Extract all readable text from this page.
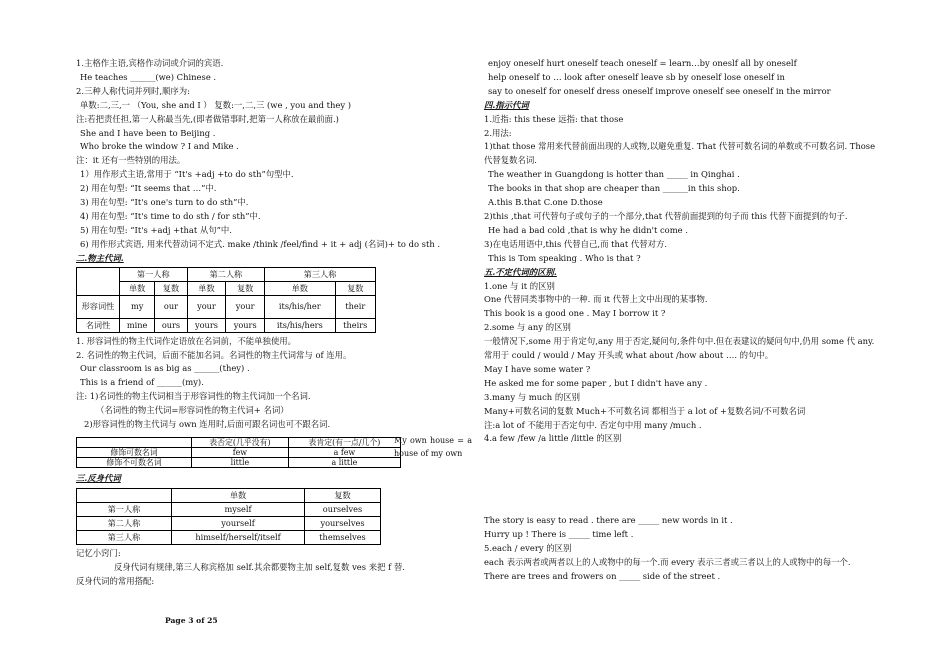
1.主格作主语,宾格作动词或介词的宾语.
He teaches ______(we) Chinese .
2.三种人称代词并列时,顺序为:
单数:二,三,一 （You, she and I ） 复数:一,二,三 (we , you and they )
注:若把责任担,第一人称最当先,(即者做错事时,把第一人称放在最前面.)
She and I have been to Beijing .
Who broke the window ? I and Mike .
注：it 还有一些特别的用法。
1）用作形式主语,常用于 “It's +adj +to do sth”句型中.
2) 用在句型: “It seems that …”中.
3) 用在句型: “It's one's turn to do sth”中.
4) 用在句型: “It's time to do sth / for sth”中.
5) 用在句型: “It's +adj +that 从句”中.
6) 用作形式宾语, 用来代替动词不定式. make /think /feel/find + it + adj (名词)+ to do sth .
二.物主代词.
	第一人称		第二人称		第三人称	
	单数	复数	单数	复数	单数	复数
形容词性	my	our	your	your	its/his/her	their
名词性	mine	ours	yours	yours	its/his/hers	theirs
1. 形容词性的物主代词作定语放在名词前，不能单独使用。
2. 名词性的物主代词，后面不能加名词。名词性的物主代词常与 of 连用。
Our classroom is as big as ______(they) .
This is a friend of ______(my).
注: 1)名词性的物主代词相当于形容词性的物主代词加一个名词.
（名词性的物主代词=形容词性的物主代词+ 名词）
2)形容词性的物主代词与 own 连用时,后面可跟名词也可不跟名词.
	表否定(几乎没有)	表肯定(有一点/几个)
修饰可数名词	few	a few
修饰不可数名词	little	a little
My own house = a house of my own
三.反身代词
	单数	复数
第一人称	myself	ourselves
第二人称	yourself	yourselves
第三人称	himself/herself/itself	themselves
记忆小窍门:
反身代词有规律,第三人称宾格加 self.其余都要物主加 self,复数 ves 来把 f 替.
反身代词的常用搭配:
Page 3 of 25
enjoy oneself hurt oneself teach oneself = learn…by oneslf all by oneself
help oneself to … look after oneself leave sb by oneself lose oneself in
say to oneself for oneself dress oneself improve oneself see oneself in the mirror
四.指示代词
1.近指: this these 远指: that those
2.用法:
1)that those 常用来代替前面出现的人或物,以避免重复. That 代替可数名词的单数或不可数名词. Those 代替复数名词.
The weather in Guangdong is hotter than _____ in Qinghai .
The books in that shop are cheaper than ______in this shop.
A.this B.that C.one D.those
2)this ,that 可代替句子或句子的一个部分,that 代替前面提到的句子而 this 代替下面提到的句子.
He had a bad cold ,that is why he didn't come .
3)在电话用语中,this 代替自己,而 that 代替对方.
This is Tom speaking . Who is that ?
五.不定代词的区别.
1.one 与 it 的区别
One 代替同类事物中的一种. 而 it 代替上文中出现的某事物.
This book is a good one . May I borrow it ?
2.some 与 any 的区别
一般情况下,some 用于肯定句,any 用于否定,疑问句,条件句中.但在表建议的疑问句中,仍用 some 代 any. 常用于 could / would / May 开头或 what about /how about …. 的句中。
May I have some water ?
He asked me for some paper , but I didn't have any .
3.many 与 much 的区别
Many+可数名词的复数 Much+不可数名词 都相当于 a lot of +复数名词/不可数名词
注:a lot of 不能用于否定句中. 否定句中用 many /much .
4.a few /few /a little /little 的区别
The story is easy to read . there are _____ new words in it .
Hurry up ! There is _____ time left .
5.each / every 的区别
each 表示两者或两者以上的人或物中的每一个.而 every 表示三者或三者以上的人或物中的每一个.
There are trees and frowers on _____ side of the street .
